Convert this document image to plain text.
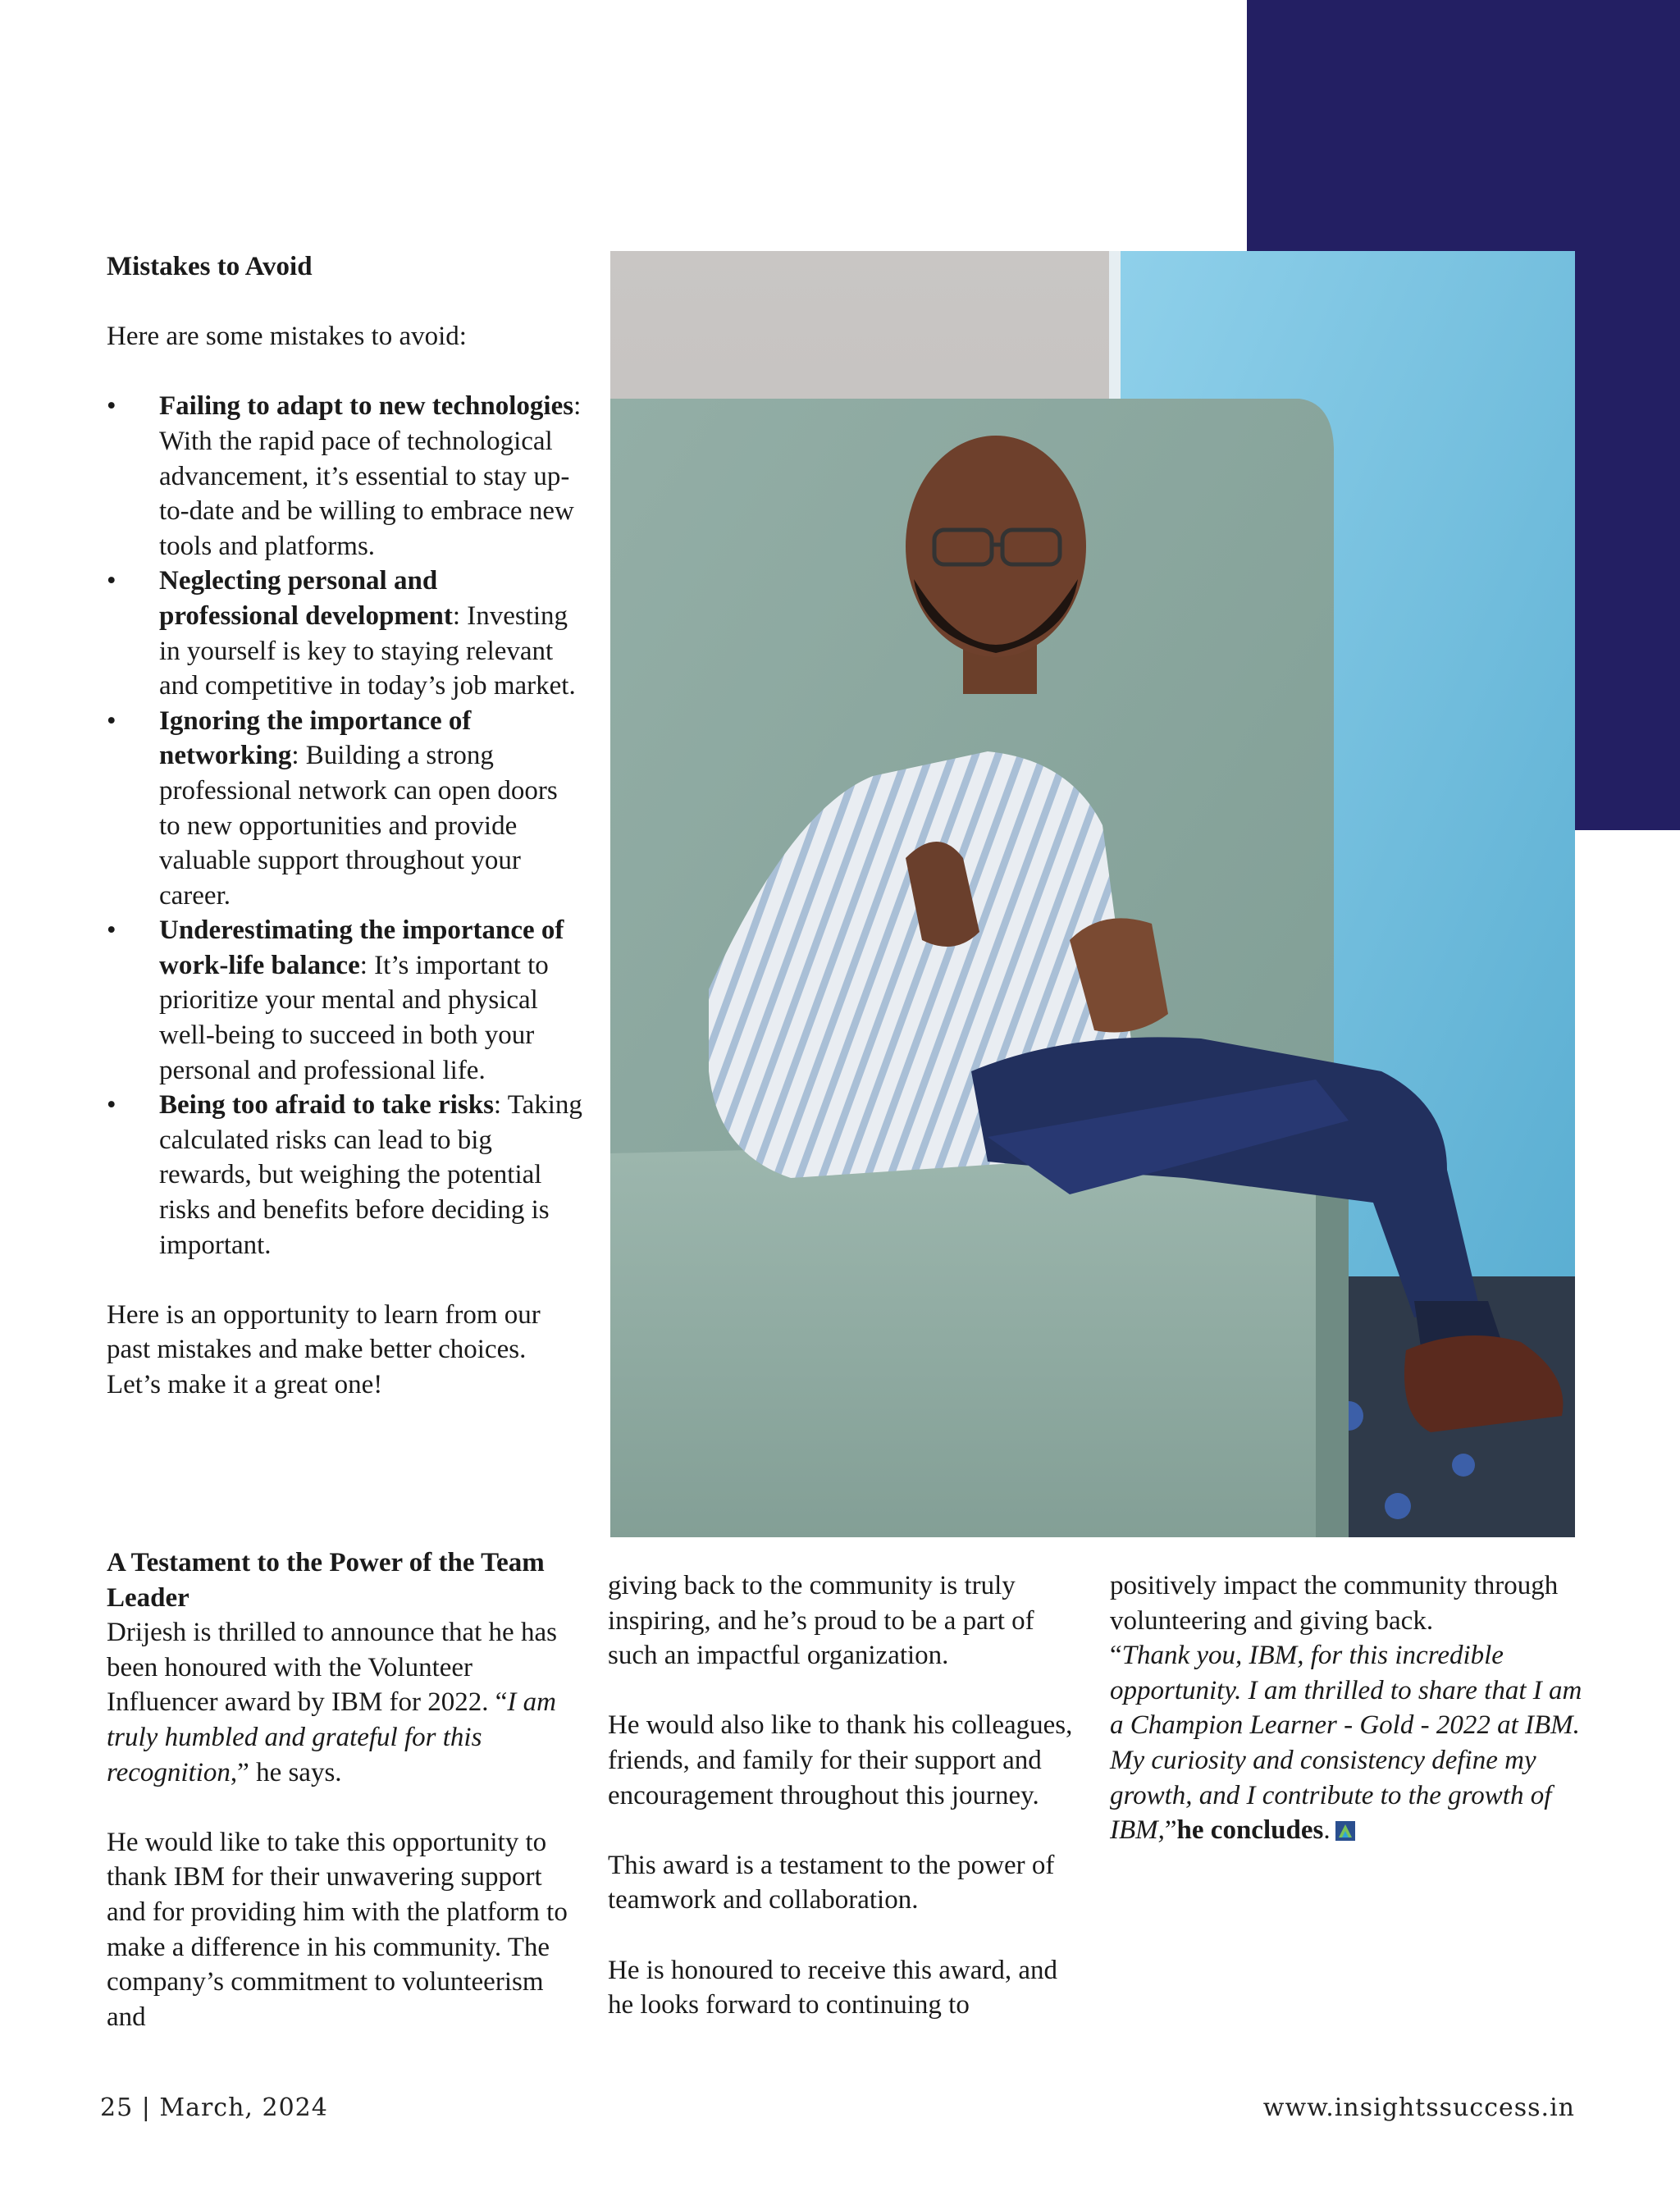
Mistakes to Avoid

Here are some mistakes to avoid:

• Failing to adapt to new technologies: With the rapid pace of technological advancement, it’s essential to stay up-to-date and be willing to embrace new tools and platforms.
• Neglecting personal and professional development: Investing in yourself is key to staying relevant and competitive in today’s job market.
• Ignoring the importance of networking: Building a strong professional network can open doors to new opportunities and provide valuable support throughout your career.
• Underestimating the importance of work-life balance: It’s important to prioritize your mental and physical well-being to succeed in both your personal and professional life.
• Being too afraid to take risks: Taking calculated risks can lead to big rewards, but weighing the potential risks and benefits before deciding is important.

Here is an opportunity to learn from our past mistakes and make better choices. Let’s make it a great one!

A Testament to the Power of the Team Leader

Drijesh is thrilled to announce that he has been honoured with the Volunteer Influencer award by IBM for 2022. “I am truly humbled and grateful for this recognition,” he says.

He would like to take this opportunity to thank IBM for their unwavering support and for providing him with the platform to make a difference in his community. The company’s commitment to volunteerism and

giving back to the community is truly inspiring, and he’s proud to be a part of such an impactful organization.

He would also like to thank his colleagues, friends, and family for their support and encouragement throughout this journey.

This award is a testament to the power of teamwork and collaboration.

He is honoured to receive this award, and he looks forward to continuing to

positively impact the community through volunteering and giving back.

“Thank you, IBM, for this incredible opportunity. I am thrilled to share that I am a Champion Learner - Gold - 2022 at IBM. My curiosity and consistency define my growth, and I contribute to the growth of IBM,”he concludes.

25 | March, 2024	www.insightssuccess.in
